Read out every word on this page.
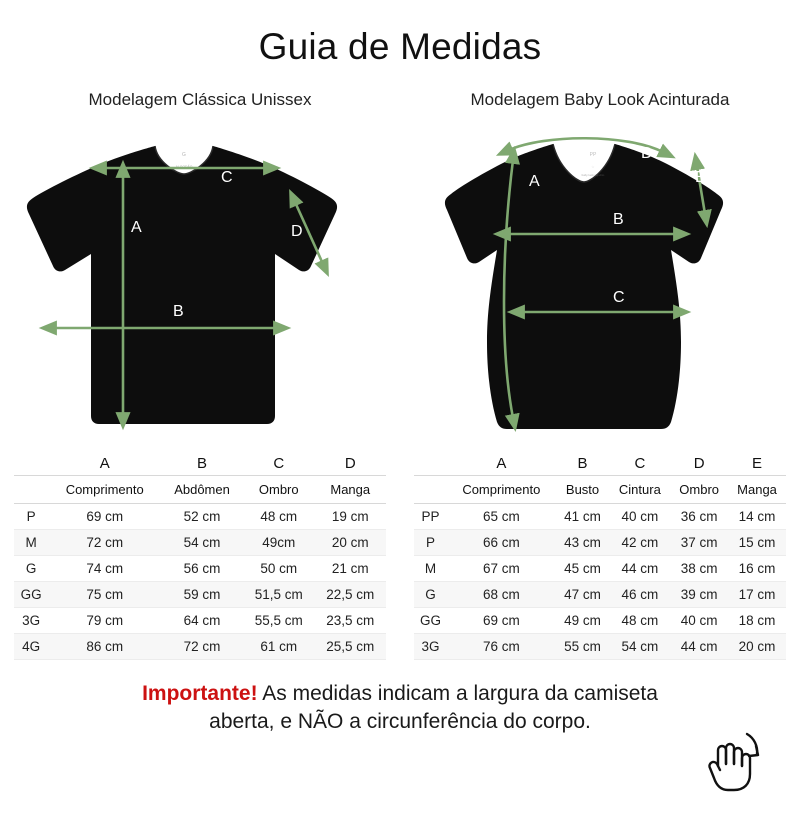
Guia de Medidas
Modelagem Clássica Unissex
G
ALGODÃO
C
A
B
D
Modelagem Baby Look Acinturada
PP
♡
baby look algodão
D
A
B
C
E
	A	B	C	D
	Comprimento	Abdômen	Ombro	Manga
P	69 cm	52 cm	48 cm	19 cm
M	72 cm	54 cm	49cm	20 cm
G	74 cm	56 cm	50 cm	21 cm
GG	75 cm	59 cm	51,5 cm	22,5 cm
3G	79 cm	64 cm	55,5 cm	23,5 cm
4G	86 cm	72 cm	61 cm	25,5 cm
	A	B	C	D	E
	Comprimento	Busto	Cintura	Ombro	Manga
PP	65 cm	41 cm	40 cm	36 cm	14 cm
P	66 cm	43 cm	42 cm	37 cm	15 cm
M	67 cm	45 cm	44 cm	38 cm	16 cm
G	68 cm	47 cm	46 cm	39 cm	17 cm
GG	69 cm	49 cm	48 cm	40 cm	18 cm
3G	76 cm	55 cm	54 cm	44 cm	20 cm
Importante! As medidas indicam a largura da camiseta
aberta, e NÃO a circunferência do corpo.
